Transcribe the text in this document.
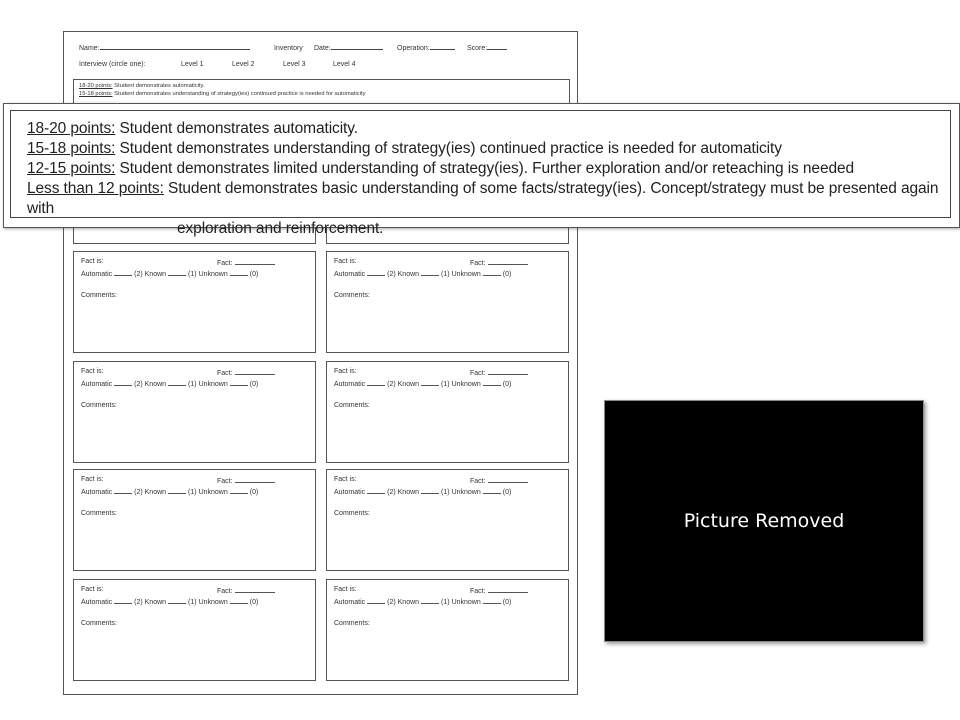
Name:	Inventory Date:	Operation:	Score:
Interview (circle one):	Level 1	Level 2	Level 3	Level 4
18-20 points: Student demonstrates automaticity.
15-18 points: Student demonstrates understanding of strategy(ies) continued practice is needed for automaticity
Fact is:	Fact:
Automatic	(2) Known	(1) Unknown	(0)
Comments:
Fact is:	Fact:
Automatic	(2) Known	(1) Unknown	(0)
Comments:
Fact is:	Fact:
Automatic	(2) Known	(1) Unknown	(0)
Comments:
Fact is:	Fact:
Automatic	(2) Known	(1) Unknown	(0)
Comments:
Fact is:	Fact:
Automatic	(2) Known	(1) Unknown	(0)
Comments:
Fact is:	Fact:
Automatic	(2) Known	(1) Unknown	(0)
Comments:
Fact is:	Fact:
Automatic	(2) Known	(1) Unknown	(0)
Comments:
Fact is:	Fact:
Automatic	(2) Known	(1) Unknown	(0)
Comments:
18-20 points: Student demonstrates automaticity.
15-18 points: Student demonstrates understanding of strategy(ies) continued practice is needed for automaticity
12-15 points: Student demonstrates limited understanding of strategy(ies). Further exploration and/or reteaching is needed
Less than 12 points: Student demonstrates basic understanding of some facts/strategy(ies). Concept/strategy must be presented again with
exploration and reinforcement.
Picture Removed
